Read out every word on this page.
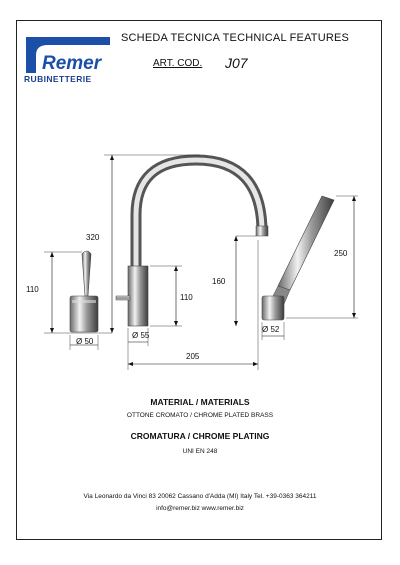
Remer
RUBINETTERIE
SCHEDA TECNICA TECHNICAL FEATURES
ART. COD. J07
320
110
110
160
250
205
Ø 50
Ø 55
Ø 52
MATERIAL / MATERIALS
OTTONE CROMATO / CHROME PLATED BRASS
CROMATURA / CHROME PLATING
UNI EN 248
Via Leonardo da Vinci 83 20062 Cassano d'Adda (MI) Italy Tel. +39-0363 364211
info@remer.biz www.remer.biz
